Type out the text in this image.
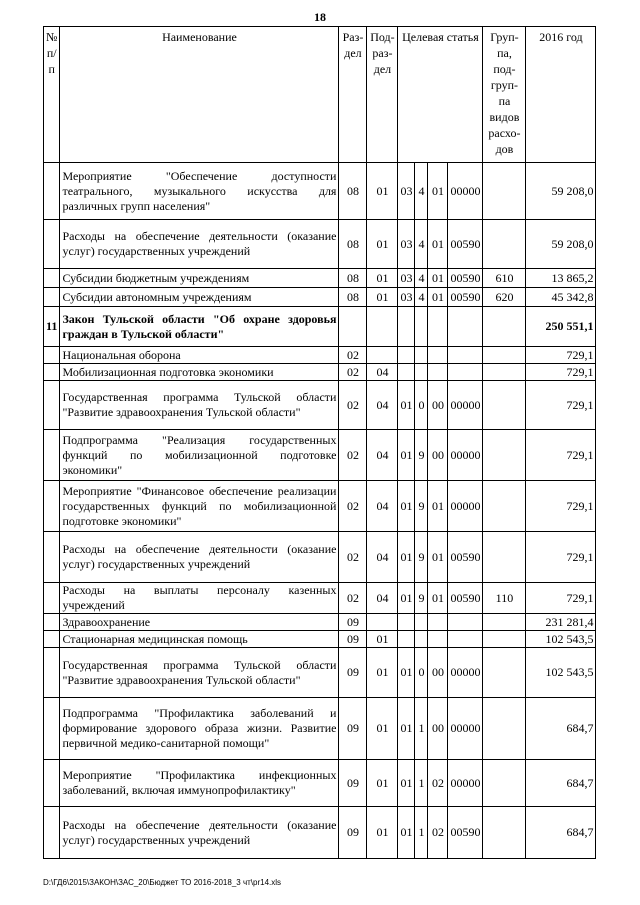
18
№ п/п	Наименование	Раз-дел	Под-раз-дел	Целевая статья				Груп-па, под-груп-па видов расхо-дов	2016 год
	Мероприятие "Обеспечение доступности театрального, музыкального искусства для различных групп населения"	08	01	03	4	01	00000		59 208,0
	Расходы на обеспечение деятельности (оказание услуг) государственных учреждений	08	01	03	4	01	00590		59 208,0
	Субсидии бюджетным учреждениям	08	01	03	4	01	00590	610	13 865,2
	Субсидии автономным учреждениям	08	01	03	4	01	00590	620	45 342,8
11	Закон Тульской области "Об охране здоровья граждан в Тульской области"								250 551,1
	Национальная оборона	02							729,1
	Мобилизационная подготовка экономики	02	04						729,1
	Государственная программа Тульской области "Развитие здравоохранения Тульской области"	02	04	01	0	00	00000		729,1
	Подпрограмма "Реализация государственных функций по мобилизационной подготовке экономики"	02	04	01	9	00	00000		729,1
	Мероприятие "Финансовое обеспечение реализации государственных функций по мобилизационной подготовке экономики"	02	04	01	9	01	00000		729,1
	Расходы на обеспечение деятельности (оказание услуг) государственных учреждений	02	04	01	9	01	00590		729,1
	Расходы на выплаты персоналу казенных учреждений	02	04	01	9	01	00590	110	729,1
	Здравоохранение	09							231 281,4
	Стационарная медицинская помощь	09	01						102 543,5
	Государственная программа Тульской области "Развитие здравоохранения Тульской области"	09	01	01	0	00	00000		102 543,5
	Подпрограмма "Профилактика заболеваний и формирование здорового образа жизни. Развитие первичной медико-санитарной помощи"	09	01	01	1	00	00000		684,7
	Мероприятие "Профилактика инфекционных заболеваний, включая иммунопрофилактику"	09	01	01	1	02	00000		684,7
	Расходы на обеспечение деятельности (оказание услуг) государственных учреждений	09	01	01	1	02	00590		684,7
D:\ГД6\2015\ЗАКОН\ЗАС_20\Бюджет ТО 2016-2018_3 чт\pr14.xls
